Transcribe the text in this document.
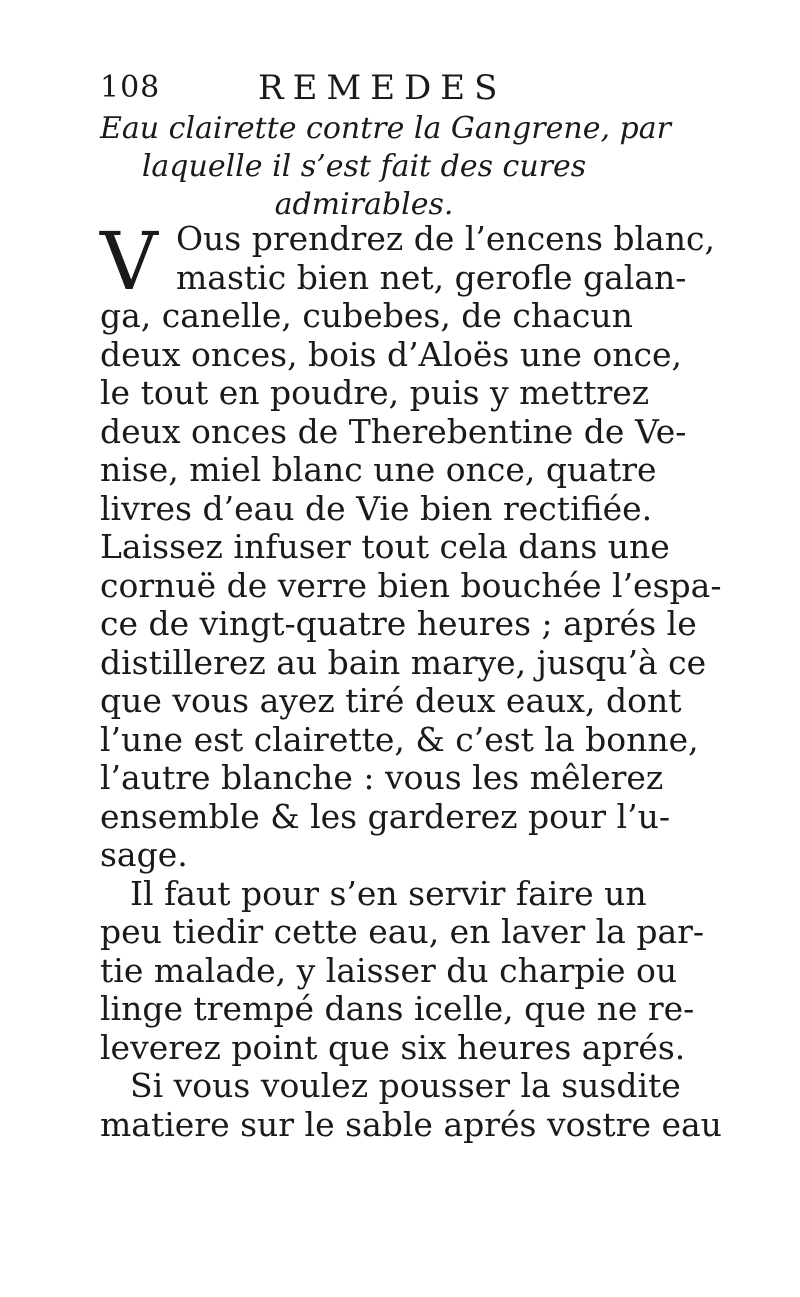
108	REMEDES
Eau clairette contre la Gangrene, par
laquelle il s’est fait des cures
admirables.
V Ous prendrez de l’encens blanc,
mastic bien net, gerofle galan-
ga, canelle, cubebes, de chacun
deux onces, bois d’Aloës une once,
le tout en poudre, puis y mettrez
deux onces de Therebentine de Ve-
nise, miel blanc une once, quatre
livres d’eau de Vie bien rectifiée.
Laissez infuser tout cela dans une
cornuë de verre bien bouchée l’espa-
ce de vingt-quatre heures ; aprés le
distillerez au bain marye, jusqu’à ce
que vous ayez tiré deux eaux, dont
l’une est clairette, & c’est la bonne,
l’autre blanche : vous les mêlerez
ensemble & les garderez pour l’u-
sage.
Il faut pour s’en servir faire un
peu tiedir cette eau, en laver la par-
tie malade, y laisser du charpie ou
linge trempé dans icelle, que ne re-
leverez point que six heures aprés.
Si vous voulez pousser la susdite
matiere sur le sable aprés vostre eau
